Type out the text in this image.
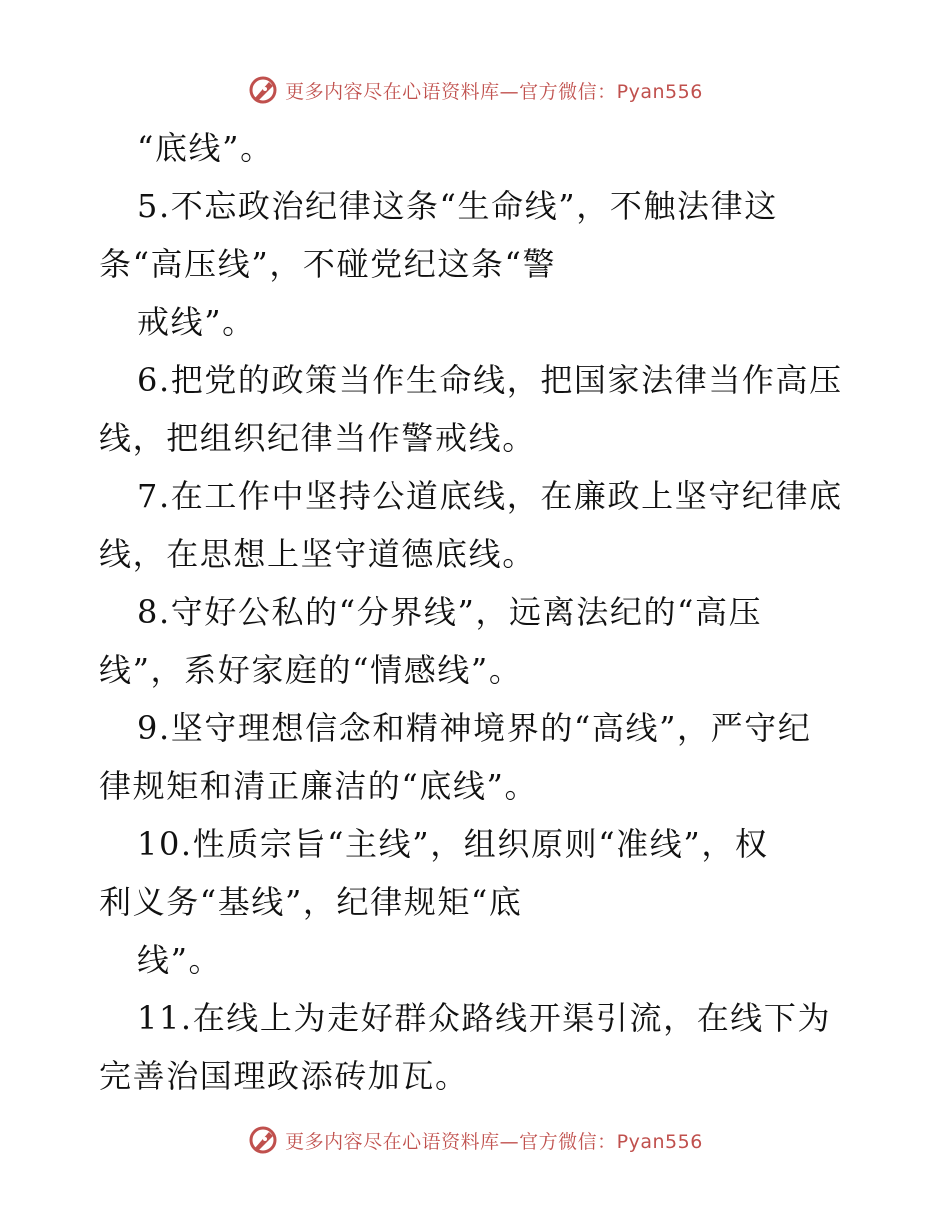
更多内容尽在心语资料库—官方微信：Pyan556
“底线”。
5.不忘政治纪律这条“生命线”，不触法律这
条“高压线”，不碰党纪这条“警
戒线”。
6.把党的政策当作生命线，把国家法律当作高压
线，把组织纪律当作警戒线。
7.在工作中坚持公道底线，在廉政上坚守纪律底
线，在思想上坚守道德底线。
8.守好公私的“分界线”，远离法纪的“高压
线”，系好家庭的“情感线”。
9.坚守理想信念和精神境界的“高线”，严守纪
律规矩和清正廉洁的“底线”。
10.性质宗旨“主线”，组织原则“准线”，权
利义务“基线”，纪律规矩“底
线”。
11.在线上为走好群众路线开渠引流，在线下为
完善治国理政添砖加瓦。
更多内容尽在心语资料库—官方微信：Pyan556
